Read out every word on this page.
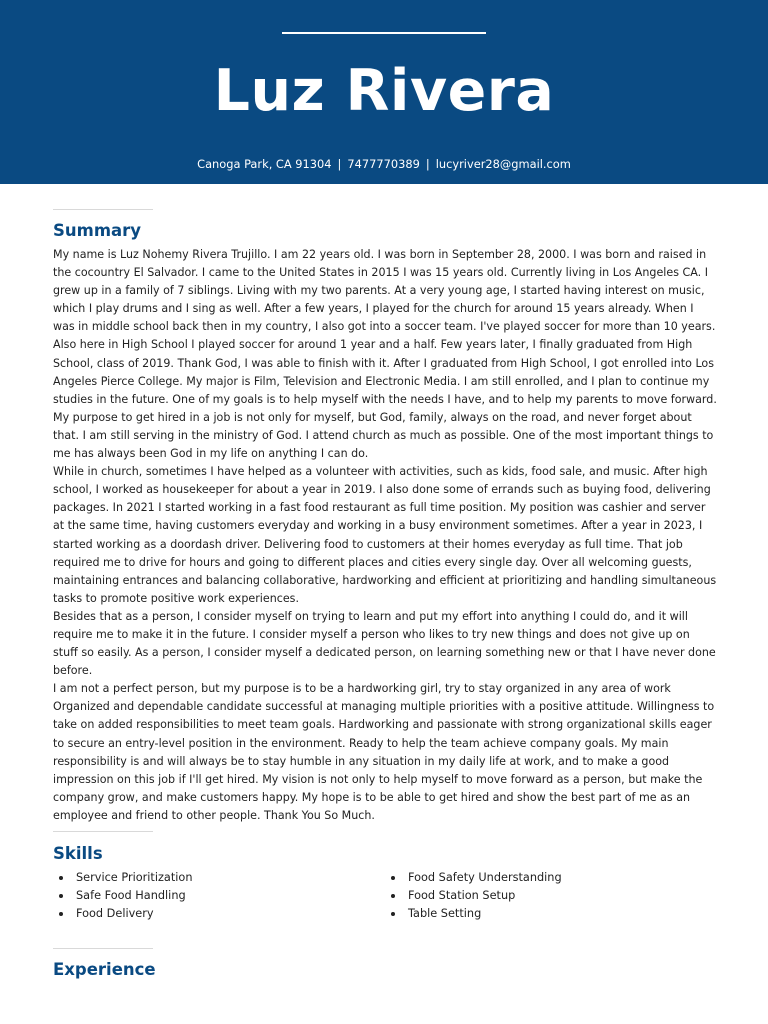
Luz Rivera
Canoga Park, CA 91304 | 7477770389 | lucyriver28@gmail.com
Summary

My name is Luz Nohemy Rivera Trujillo. I am 22 years old. I was born in September 28, 2000. I was born and raised in the cocountry El Salvador. I came to the United States in 2015 I was 15 years old. Currently living in Los Angeles CA. I grew up in a family of 7 siblings. Living with my two parents. At a very young age, I started having interest on music, which I play drums and I sing as well. After a few years, I played for the church for around 15 years already. When I was in middle school back then in my country, I also got into a soccer team. I've played soccer for more than 10 years. Also here in High School I played soccer for around 1 year and a half. Few years later, I finally graduated from High School, class of 2019. Thank God, I was able to finish with it. After I graduated from High School, I got enrolled into Los Angeles Pierce College. My major is Film, Television and Electronic Media. I am still enrolled, and I plan to continue my studies in the future. One of my goals is to help myself with the needs I have, and to help my parents to move forward. My purpose to get hired in a job is not only for myself, but God, family, always on the road, and never forget about that. I am still serving in the ministry of God. I attend church as much as possible. One of the most important things to me has always been God in my life on anything I can do.

While in church, sometimes I have helped as a volunteer with activities, such as kids, food sale, and music. After high school, I worked as housekeeper for about a year in 2019. I also done some of errands such as buying food, delivering packages. In 2021 I started working in a fast food restaurant as full time position. My position was cashier and server at the same time, having customers everyday and working in a busy environment sometimes. After a year in 2023, I started working as a doordash driver. Delivering food to customers at their homes everyday as full time. That job required me to drive for hours and going to different places and cities every single day. Over all welcoming guests, maintaining entrances and balancing collaborative, hardworking and efficient at prioritizing and handling simultaneous tasks to promote positive work experiences.

Besides that as a person, I consider myself on trying to learn and put my effort into anything I could do, and it will require me to make it in the future. I consider myself a person who likes to try new things and does not give up on stuff so easily. As a person, I consider myself a dedicated person, on learning something new or that I have never done before.

I am not a perfect person, but my purpose is to be a hardworking girl, try to stay organized in any area of work Organized and dependable candidate successful at managing multiple priorities with a positive attitude. Willingness to take on added responsibilities to meet team goals. Hardworking and passionate with strong organizational skills eager to secure an entry-level position in the environment. Ready to help the team achieve company goals. My main responsibility is and will always be to stay humble in any situation in my daily life at work, and to make a good impression on this job if I'll get hired. My vision is not only to help myself to move forward as a person, but make the company grow, and make customers happy. My hope is to be able to get hired and show the best part of me as an employee and friend to other people. Thank You So Much.

Skills
Service Prioritization
Safe Food Handling
Food Delivery
Food Safety Understanding
Food Station Setup
Table Setting
Experience
